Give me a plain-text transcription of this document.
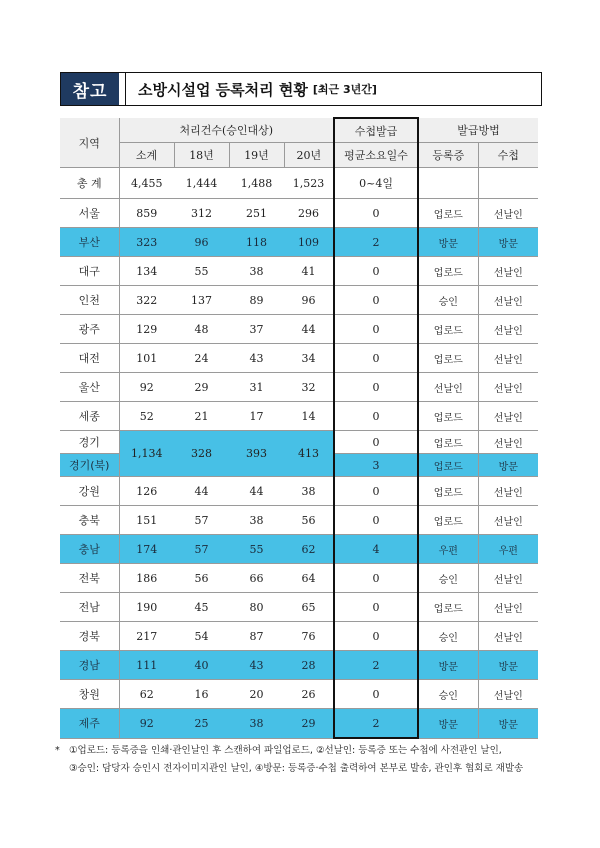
참고	소방시설업 등록처리 현황 [최근 3년간]
지역	처리건수(승인대상)				수첩발급	발급방법	
	소계	18년	19년	20년	평균소요일수	등록증	수첩
총 계	4,455	1,444	1,488	1,523	0~4일		
서울	859	312	251	296	0	업로드	선날인
부산	323	96	118	109	2	방문	방문
대구	134	55	38	41	0	업로드	선날인
인천	322	137	89	96	0	승인	선날인
광주	129	48	37	44	0	업로드	선날인
대전	101	24	43	34	0	업로드	선날인
울산	92	29	31	32	0	선날인	선날인
세종	52	21	17	14	0	업로드	선날인
경기	1,134	328	393	413	0	업로드	선날인
경기(북)					3	업로드	방문
강원	126	44	44	38	0	업로드	선날인
충북	151	57	38	56	0	업로드	선날인
충남	174	57	55	62	4	우편	우편
전북	186	56	66	64	0	승인	선날인
전남	190	45	80	65	0	업로드	선날인
경북	217	54	87	76	0	승인	선날인
경남	111	40	43	28	2	방문	방문
창원	62	16	20	26	0	승인	선날인
제주	92	25	38	29	2	방문	방문
* ①업로드: 등록증을 인쇄·관인날인 후 스캔하여 파일업로드, ②선날인: 등록증 또는 수첩에 사전관인 날인,
③승인: 담당자 승인시 전자이미지관인 날인, ④방문: 등록증·수첩 출력하여 본부로 발송, 관인후 협회로 재발송
